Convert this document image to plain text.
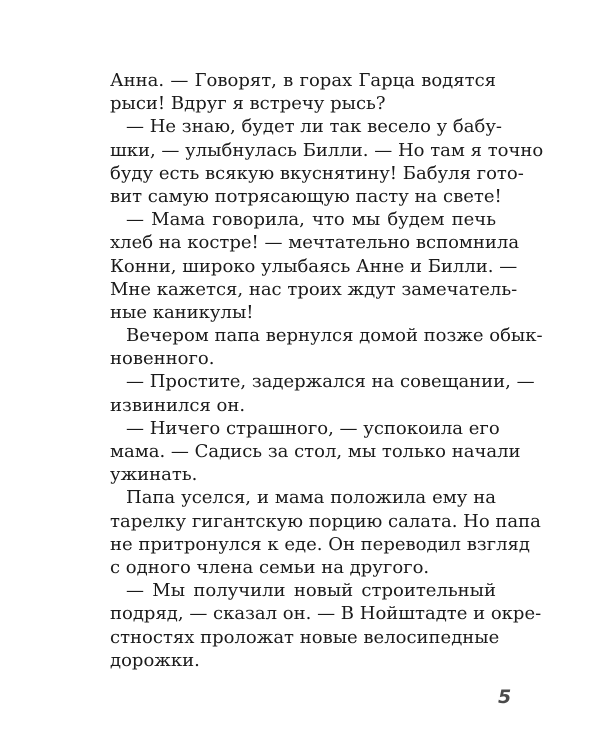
Анна. — Говорят, в горах Гарца водятся
рыси! Вдруг я встречу рысь?
— Не знаю, будет ли так весело у бабу-
шки, — улыбнулась Билли. — Но там я точно
буду есть всякую вкуснятину! Бабуля гото-
вит самую потрясающую пасту на свете!
— Мама говорила, что мы будем печь
хлеб на костре! — мечтательно вспомнила
Конни, широко улыбаясь Анне и Билли. —
Мне кажется, нас троих ждут замечатель-
ные каникулы!
Вечером папа вернулся домой позже обык-
новенного.
— Простите, задержался на совещании, —
извинился он.
— Ничего страшного, — успокоила его
мама. — Садись за стол, мы только начали
ужинать.
Папа уселся, и мама положила ему на
тарелку гигантскую порцию салата. Но папа
не притронулся к еде. Он переводил взгляд
с одного члена семьи на другого.
— Мы получили новый строительный
подряд, — сказал он. — В Нойштадте и окре-
стностях проложат новые велосипедные
дорожки.
5
